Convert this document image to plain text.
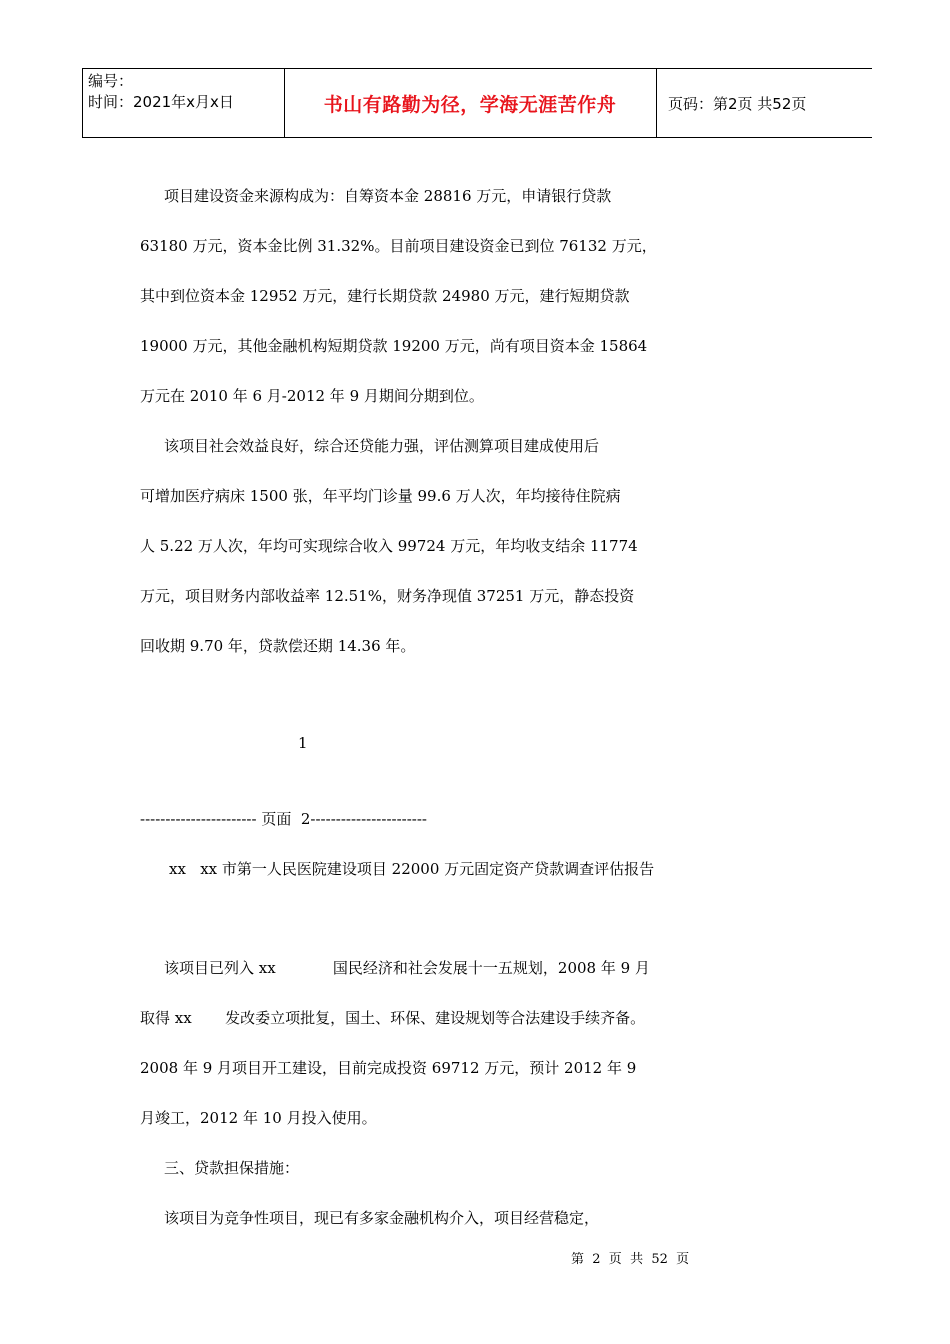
编号：
时间：2021年x月x日	书山有路勤为径，学海无涯苦作舟	页码：第2页 共52页
项目建设资金来源构成为：自筹资本金 28816 万元，申请银行贷款
63180 万元，资本金比例 31.32%。目前项目建设资金已到位 76132 万元，
其中到位资本金 12952 万元，建行长期贷款 24980 万元，建行短期贷款
19000 万元，其他金融机构短期贷款 19200 万元，尚有项目资本金 15864
万元在 2010 年 6 月-2012 年 9 月期间分期到位。
该项目社会效益良好，综合还贷能力强，评估测算项目建成使用后
可增加医疗病床 1500 张，年平均门诊量 99.6 万人次，年均接待住院病
人 5.22 万人次，年均可实现综合收入 99724 万元，年均收支结余 11774
万元，项目财务内部收益率 12.51%，财务净现值 37251 万元，静态投资
回收期 9.70 年，贷款偿还期 14.36 年。
1
----------------------- 页面  2-----------------------
xx   xx 市第一人民医院建设项目 22000 万元固定资产贷款调查评估报告
该项目已列入 xx            国民经济和社会发展十一五规划，2008 年 9 月
取得 xx       发改委立项批复，国土、环保、建设规划等合法建设手续齐备。
2008 年 9 月项目开工建设，目前完成投资 69712 万元，预计 2012 年 9
月竣工，2012 年 10 月投入使用。
三、贷款担保措施：
该项目为竞争性项目，现已有多家金融机构介入，项目经营稳定，
第  2  页  共  52  页
